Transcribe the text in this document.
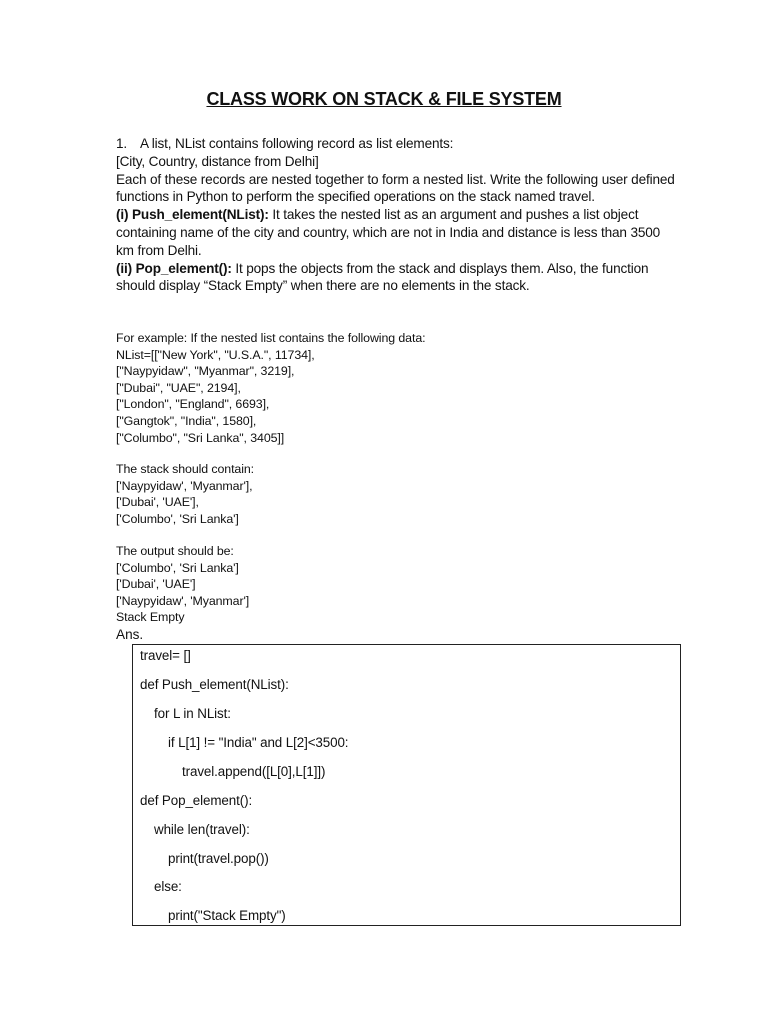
CLASS WORK ON STACK & FILE SYSTEM

1. A list, NList contains following record as list elements:

[City, Country, distance from Delhi]

Each of these records are nested together to form a nested list. Write the following user defined functions in Python to perform the specified operations on the stack named travel.

(i) Push_element(NList): It takes the nested list as an argument and pushes a list object containing name of the city and country, which are not in India and distance is less than 3500 km from Delhi.

(ii) Pop_element(): It pops the objects from the stack and displays them. Also, the function should display “Stack Empty” when there are no elements in the stack.

For example: If the nested list contains the following data:
NList=[["New York", "U.S.A.", 11734],
["Naypyidaw", "Myanmar", 3219],
["Dubai", "UAE", 2194],
["London", "England", 6693],
["Gangtok", "India", 1580],
["Columbo", "Sri Lanka", 3405]]
The stack should contain:
['Naypyidaw', 'Myanmar'],
['Dubai', 'UAE'],
['Columbo', 'Sri Lanka']
The output should be:
['Columbo', 'Sri Lanka']
['Dubai', 'UAE']
['Naypyidaw', 'Myanmar']
Stack Empty
Ans.
travel= []
def Push_element(NList):
for L in NList:
if L[1] != "India" and L[2]<3500:
travel.append([L[0],L[1]])
def Pop_element():
while len(travel):
print(travel.pop())
else:
print("Stack Empty")
